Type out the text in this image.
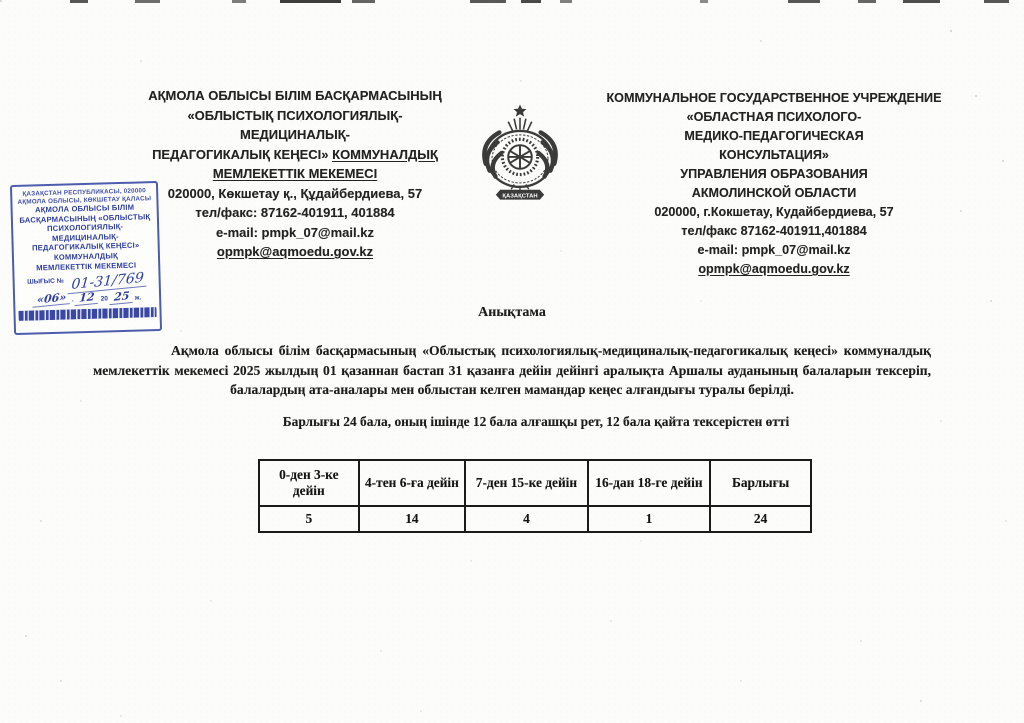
АҚМОЛА ОБЛЫСЫ БІЛІМ БАСҚАРМАСЫНЫҢ
«ОБЛЫСТЫҚ ПСИХОЛОГИЯЛЫҚ-
МЕДИЦИНАЛЫҚ-
ПЕДАГОГИКАЛЫҚ КЕҢЕСІ» КОММУНАЛДЫҚ
МЕМЛЕКЕТТІК МЕКЕМЕСІ
020000, Көкшетау қ., Құдайбердиева, 57
тел/факс: 87162-401911, 401884
e-mail: pmpk_07@mail.kz
opmpk@aqmoedu.gov.kz
ҚАЗАҚСТАН
КОММУНАЛЬНОЕ ГОСУДАРСТВЕННОЕ УЧРЕЖДЕНИЕ
«ОБЛАСТНАЯ ПСИХОЛОГО-
МЕДИКО-ПЕДАГОГИЧЕСКАЯ
КОНСУЛЬТАЦИЯ»
УПРАВЛЕНИЯ ОБРАЗОВАНИЯ
АКМОЛИНСКОЙ ОБЛАСТИ
020000, г.Кокшетау, Кудайбердиева, 57
тел/факс 87162-401911,401884
e-mail: pmpk_07@mail.kz
opmpk@aqmoedu.gov.kz
ҚАЗАҚСТАН РЕСПУБЛИКАСЫ, 020000
АҚМОЛА ОБЛЫСЫ, КӨКШЕТАУ ҚАЛАСЫ
АҚМОЛА ОБЛЫСЫ БІЛІМ
БАСҚАРМАСЫНЫҢ «ОБЛЫСТЫҚ
ПСИХОЛОГИЯЛЫҚ-
МЕДИЦИНАЛЫҚ-
ПЕДАГОГИКАЛЫҚ КЕҢЕСІ»
КОММУНАЛДЫҚ
МЕМЛЕКЕТТІК МЕКЕМЕСІ
$^{ШЫҒЫС №}$ 01-31/769
«06» . 12 20 25 ж.
Анықтама

Ақмола облысы білім басқармасының «Облыстық психологиялық-медициналық-педагогикалық кеңесі» коммуналдық мемлекеттік мекемесі 2025 жылдың 01 қазаннан бастап 31 қазанға дейін дейінгі аралықта Аршалы ауданының балаларын тексеріп, балалардың ата-аналары мен облыстан келген мамандар кеңес алғандығы туралы берілді.

Барлығы 24 бала, оның ішінде 12 бала алғашқы рет, 12 бала қайта тексерістен өтті

0-ден 3-ке дейін	4-тен 6-ға дейін	7-ден 15-ке дейін	16-дан 18-ге дейін	Барлығы
5	14	4	1	24
